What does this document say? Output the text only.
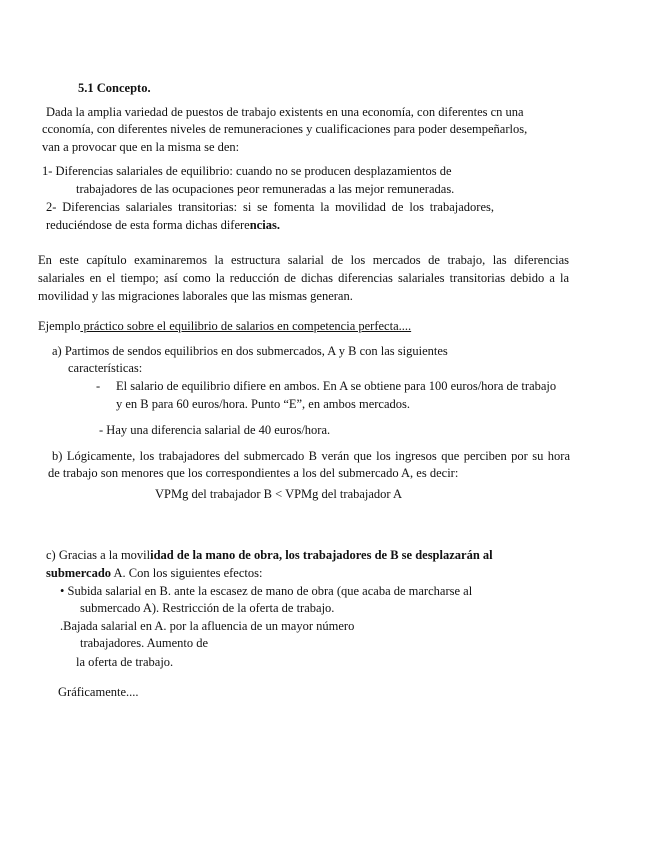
5.1 Concepto.
Dada la amplia variedad de puestos de trabajo existents en una economía, con diferentes cn una
cconomía, con diferentes niveles de remuneraciones y cualificaciones para poder desempeñarlos,
van a provocar que en la misma se den:
1- Diferencias salariales de equilibrio: cuando no se producen desplazamientos de
trabajadores de las ocupaciones peor remuneradas a las mejor remuneradas.
2- Diferencias salariales transitorias: si se fomenta la movilidad de los trabajadores,
reduciéndose de esta forma dichas diferencias.
En este capítulo examinaremos la estructura salarial de los mercados de trabajo, las diferencias
salariales en el tiempo; así como la reducción de dichas diferencias salariales transitorias debido a la
movilidad y las migraciones laborales que las mismas generan.
Ejemplo práctico sobre el equilibrio de salarios en competencia perfecta....
a) Partimos de sendos equilibrios en dos submercados, A y B con las siguientes
características:
- El salario de equilibrio difiere en ambos. En A se obtiene para 100 euros/hora de trabajo
y en B para 60 euros/hora. Punto “E”, en ambos mercados.
- Hay una diferencia salarial de 40 euros/hora.
b) Lógicamente, los trabajadores del submercado B verán que los ingresos que perciben por su hora
de trabajo son menores que los correspondientes a los del submercado A, es decir:
VPMg del trabajador B < VPMg del trabajador A
c) Gracias a la movilidad de la mano de obra, los trabajadores de B se desplazarán al
submercado A. Con los siguientes efectos:
• Subida salarial en B. ante la escasez de mano de obra (que acaba de marcharse al
submercado A). Restricción de la oferta de trabajo.
.Bajada salarial en A. por la afluencia de un mayor número
trabajadores. Aumento de
la oferta de trabajo.
Gráficamente....
